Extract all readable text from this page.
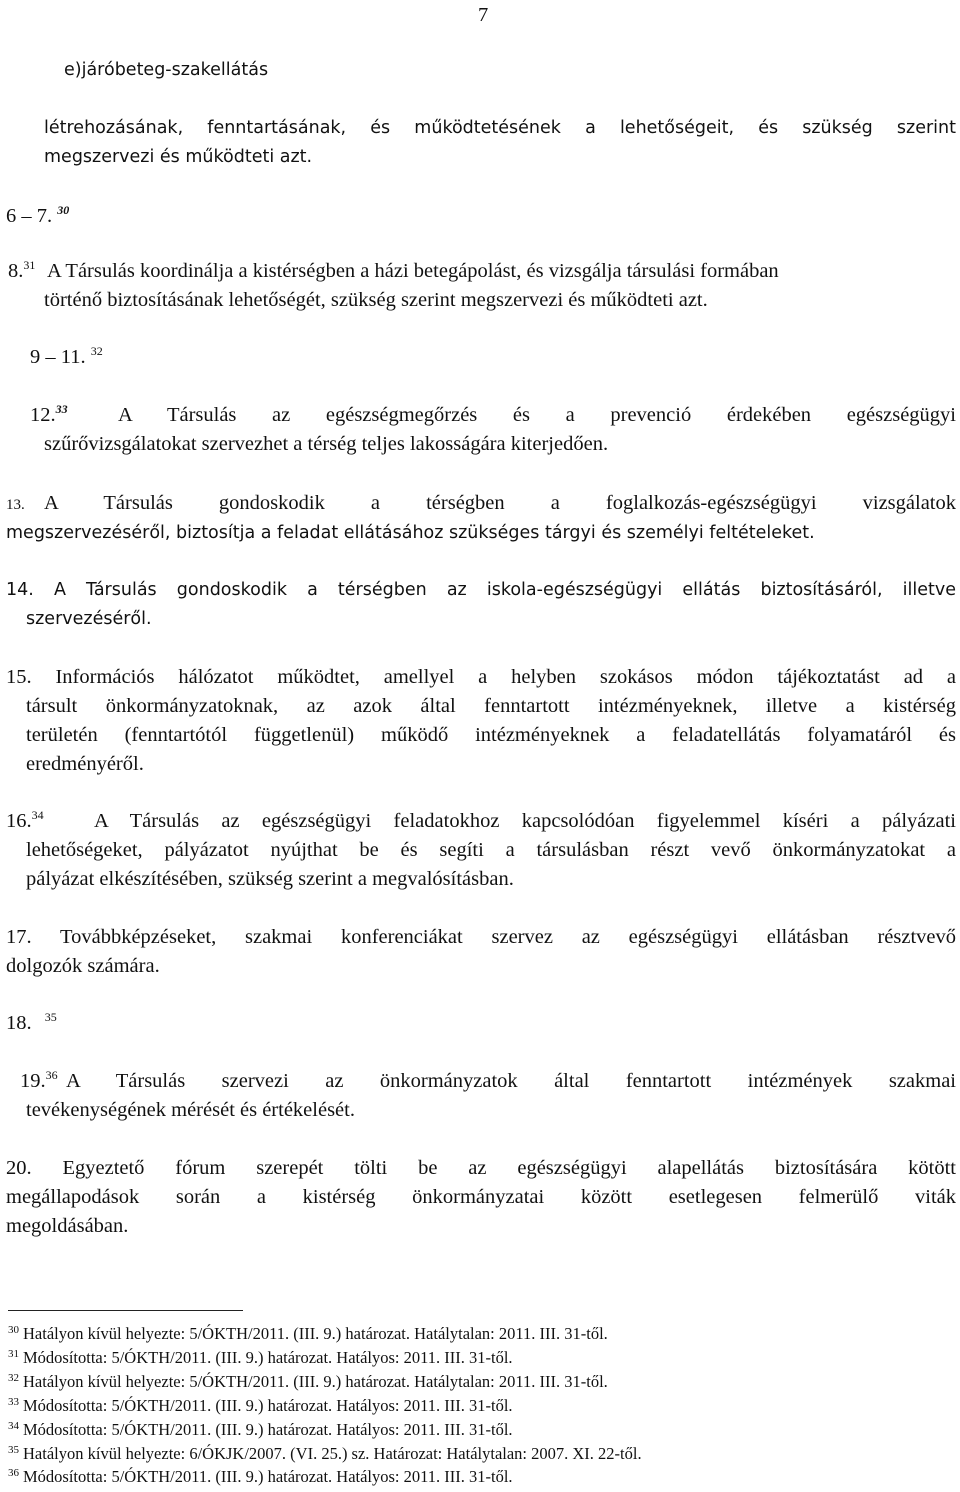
7
e)járóbeteg-szakellátás
létrehozásának, fenntartásának, és működtetésének a lehetőségeit, és szükség szerint
megszervezi és működteti azt.
6 – 7. $^{30}$
8.31 A Társulás koordinálja a kistérségben a házi betegápolást, és vizsgálja társulási formában
történő biztosításának lehetőségét, szükség szerint megszervezi és működteti azt.
9 – 11. $^{32}$
12.33 A Társulás az egészségmegőrzés és a prevenció érdekében egészségügyi
szűrővizsgálatokat szervezhet a térség teljes lakosságára kiterjedően.
13. A Társulás gondoskodik a térségben a foglalkozás-egészségügyi vizsgálatok
megszervezéséről, biztosítja a feladat ellátásához szükséges tárgyi és személyi feltételeket.
14. A Társulás gondoskodik a térségben az iskola-egészségügyi ellátás biztosításáról, illetve
szervezéséről.
15. Információs hálózatot működtet, amellyel a helyben szokásos módon tájékoztatást ad a
társult önkormányzatoknak, az azok által fenntartott intézményeknek, illetve a kistérség
területén (fenntartótól függetlenül) működő intézményeknek a feladatellátás folyamatáról és
eredményéről.
16.34 A Társulás az egészségügyi feladatokhoz kapcsolódóan figyelemmel kíséri a pályázati
lehetőségeket, pályázatot nyújthat be és segíti a társulásban részt vevő önkormányzatokat a
pályázat elkészítésében, szükség szerint a megvalósításban.
17. Továbbképzéseket, szakmai konferenciákat szervez az egészségügyi ellátásban résztvevő
dolgozók számára.
18. $^{35}$
19.36 A Társulás szervezi az önkormányzatok által fenntartott intézmények szakmai
tevékenységének mérését és értékelését.
20. Egyeztető fórum szerepét tölti be az egészségügyi alapellátás biztosítására kötött
megállapodások során a kistérség önkormányzatai között esetlegesen felmerülő viták
megoldásában.
$^{30}$ Hatályon kívül helyezte: 5/ÓKTH/2011. (III. 9.) határozat. Hatálytalan: 2011. III. 31-től.
$^{31}$ Módosította: 5/ÓKTH/2011. (III. 9.) határozat. Hatályos: 2011. III. 31-től.
$^{32}$ Hatályon kívül helyezte: 5/ÓKTH/2011. (III. 9.) határozat. Hatálytalan: 2011. III. 31-től.
$^{33}$ Módosította: 5/ÓKTH/2011. (III. 9.) határozat. Hatályos: 2011. III. 31-től.
$^{34}$ Módosította: 5/ÓKTH/2011. (III. 9.) határozat. Hatályos: 2011. III. 31-től.
$^{35}$ Hatályon kívül helyezte: 6/ÓKJK/2007. (VI. 25.) sz. Határozat: Hatálytalan: 2007. XI. 22-től.
$^{36}$ Módosította: 5/ÓKTH/2011. (III. 9.) határozat. Hatályos: 2011. III. 31-től.
